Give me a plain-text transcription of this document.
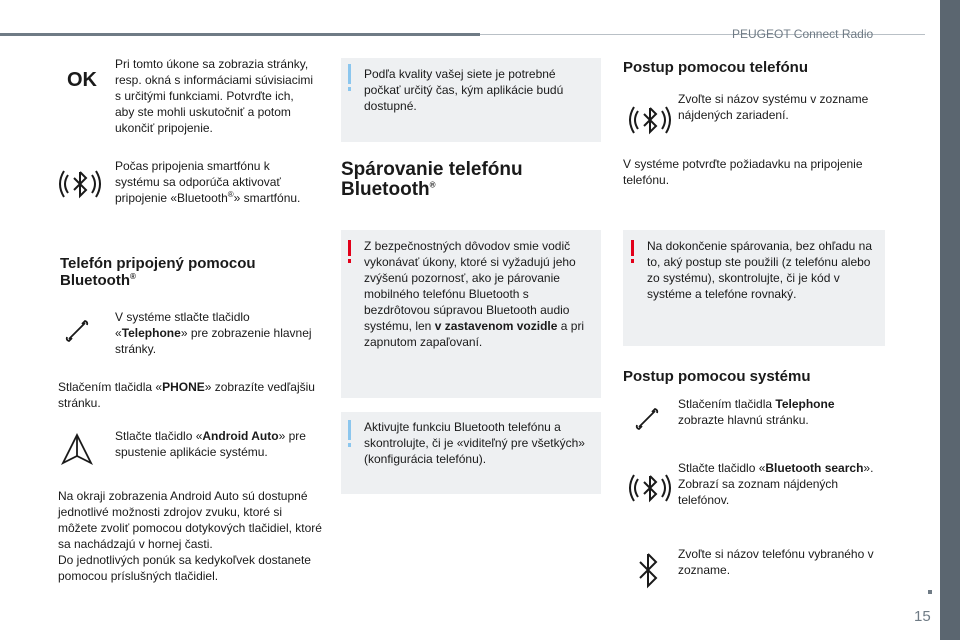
PEUGEOT Connect Radio
15
OK
Pri tomto úkone sa zobrazia stránky, resp. okná s informáciami súvisiacimi s určitými funkciami. Potvrďte ich, aby ste mohli uskutočniť a potom ukončiť pripojenie.
Počas pripojenia smartfónu k systému sa odporúča aktivovať pripojenie «Bluetooth®» smartfónu.
Telefón pripojený pomocou Bluetooth®
V systéme stlačte tlačidlo «Telephone» pre zobrazenie hlavnej stránky.
Stlačením tlačidla «PHONE» zobrazíte vedľajšiu stránku.
Stlačte tlačidlo «Android Auto» pre spustenie aplikácie systému.
Na okraji zobrazenia Android Auto sú dostupné jednotlivé možnosti zdrojov zvuku, ktoré si môžete zvoliť pomocou dotykových tlačidiel, ktoré sa nachádzajú v hornej časti.
Do jednotlivých ponúk sa kedykoľvek dostanete pomocou príslušných tlačidiel.
Podľa kvality vašej siete je potrebné počkať určitý čas, kým aplikácie budú dostupné.
Spárovanie telefónu Bluetooth®
Z bezpečnostných dôvodov smie vodič vykonávať úkony, ktoré si vyžadujú jeho zvýšenú pozornosť, ako je párovanie mobilného telefónu Bluetooth s bezdrôtovou súpravou Bluetooth audio systému, len v zastavenom vozidle a pri zapnutom zapaľovaní.
Aktivujte funkciu Bluetooth telefónu a skontrolujte, či je «viditeľný pre všetkých» (konfigurácia telefónu).
Postup pomocou telefónu
Zvoľte si názov systému v zozname nájdených zariadení.
V systéme potvrďte požiadavku na pripojenie telefónu.
Na dokončenie spárovania, bez ohľadu na to, aký postup ste použili (z telefónu alebo zo systému), skontrolujte, či je kód v systéme a telefóne rovnaký.
Postup pomocou systému
Stlačením tlačidla Telephone zobrazte hlavnú stránku.
Stlačte tlačidlo «Bluetooth search».
Zobrazí sa zoznam nájdených telefónov.
Zvoľte si názov telefónu vybraného v zozname.
